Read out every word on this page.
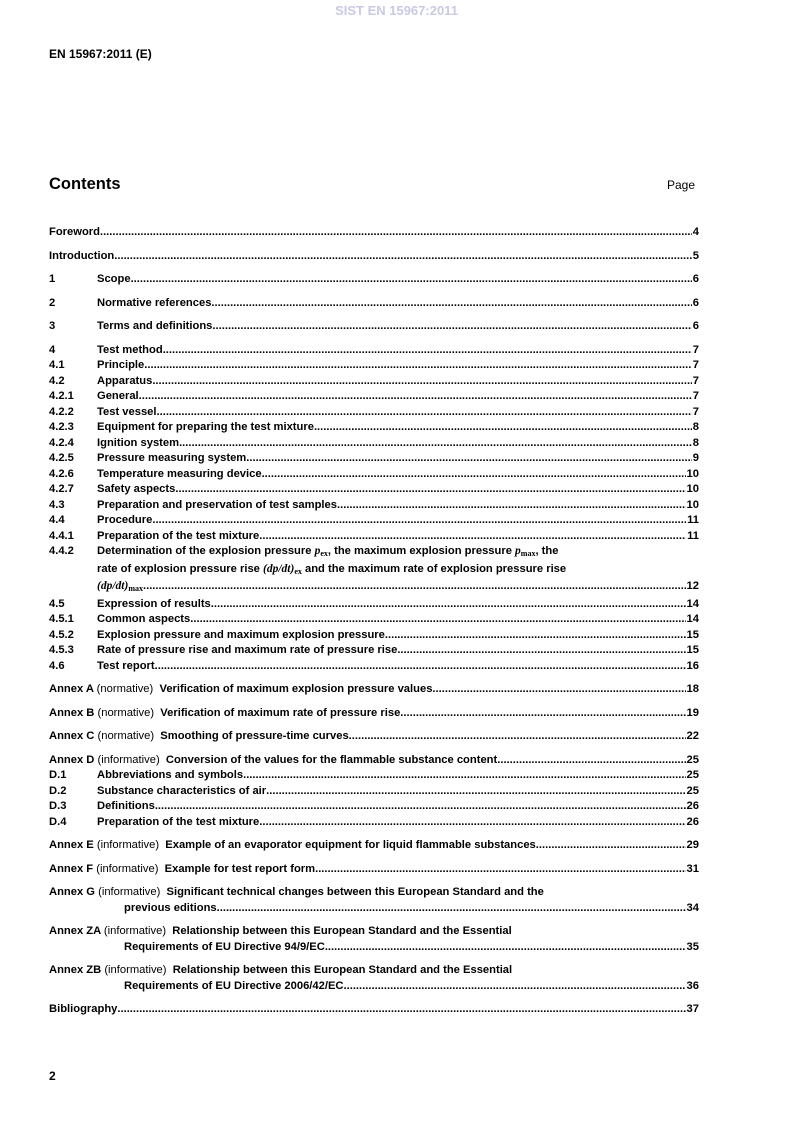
SIST EN 15967:2011
EN 15967:2011 (E)
Contents	Page
Foreword .....	4
Introduction .....	5
1	Scope .....	6
2	Normative references .....	6
3	Terms and definitions .....	6
4	Test method .....	7
4.1	Principle .....	7
4.2	Apparatus .....	7
4.2.1	General .....	7
4.2.2	Test vessel .....	7
4.2.3	Equipment for preparing the test mixture .....	8
4.2.4	Ignition system .....	8
4.2.5	Pressure measuring system .....	9
4.2.6	Temperature measuring device .....	10
4.2.7	Safety aspects .....	10
4.3	Preparation and preservation of test samples .....	10
4.4	Procedure .....	11
4.4.1	Preparation of the test mixture .....	11
4.4.2	Determination of the explosion pressure $p_{ex}$, the maximum explosion pressure $p_{max}$, the
rate of explosion pressure rise $(dp/dt)_{ex}$ and the maximum rate of explosion pressure rise
$(dp/dt)_{max}$ .....	12
4.5	Expression of results .....	14
4.5.1	Common aspects .....	14
4.5.2	Explosion pressure and maximum explosion pressure .....	15
4.5.3	Rate of pressure rise and maximum rate of pressure rise .....	15
4.6	Test report .....	16
Annex A (normative) Verification of maximum explosion pressure values .....	18
Annex B (normative) Verification of maximum rate of pressure rise .....	19
Annex C (normative) Smoothing of pressure-time curves .....	22
Annex D (informative) Conversion of the values for the flammable substance content .....	25
D.1	Abbreviations and symbols .....	25
D.2	Substance characteristics of air .....	25
D.3	Definitions .....	26
D.4	Preparation of the test mixture .....	26
Annex E (informative) Example of an evaporator equipment for liquid flammable substances .....	29
Annex F (informative) Example for test report form .....	31
Annex G (informative) Significant technical changes between this European Standard and the
previous editions .....	34
Annex ZA (informative) Relationship between this European Standard and the Essential
Requirements of EU Directive 94/9/EC .....	35
Annex ZB (informative) Relationship between this European Standard and the Essential
Requirements of EU Directive 2006/42/EC .....	36
Bibliography .....	37
2
